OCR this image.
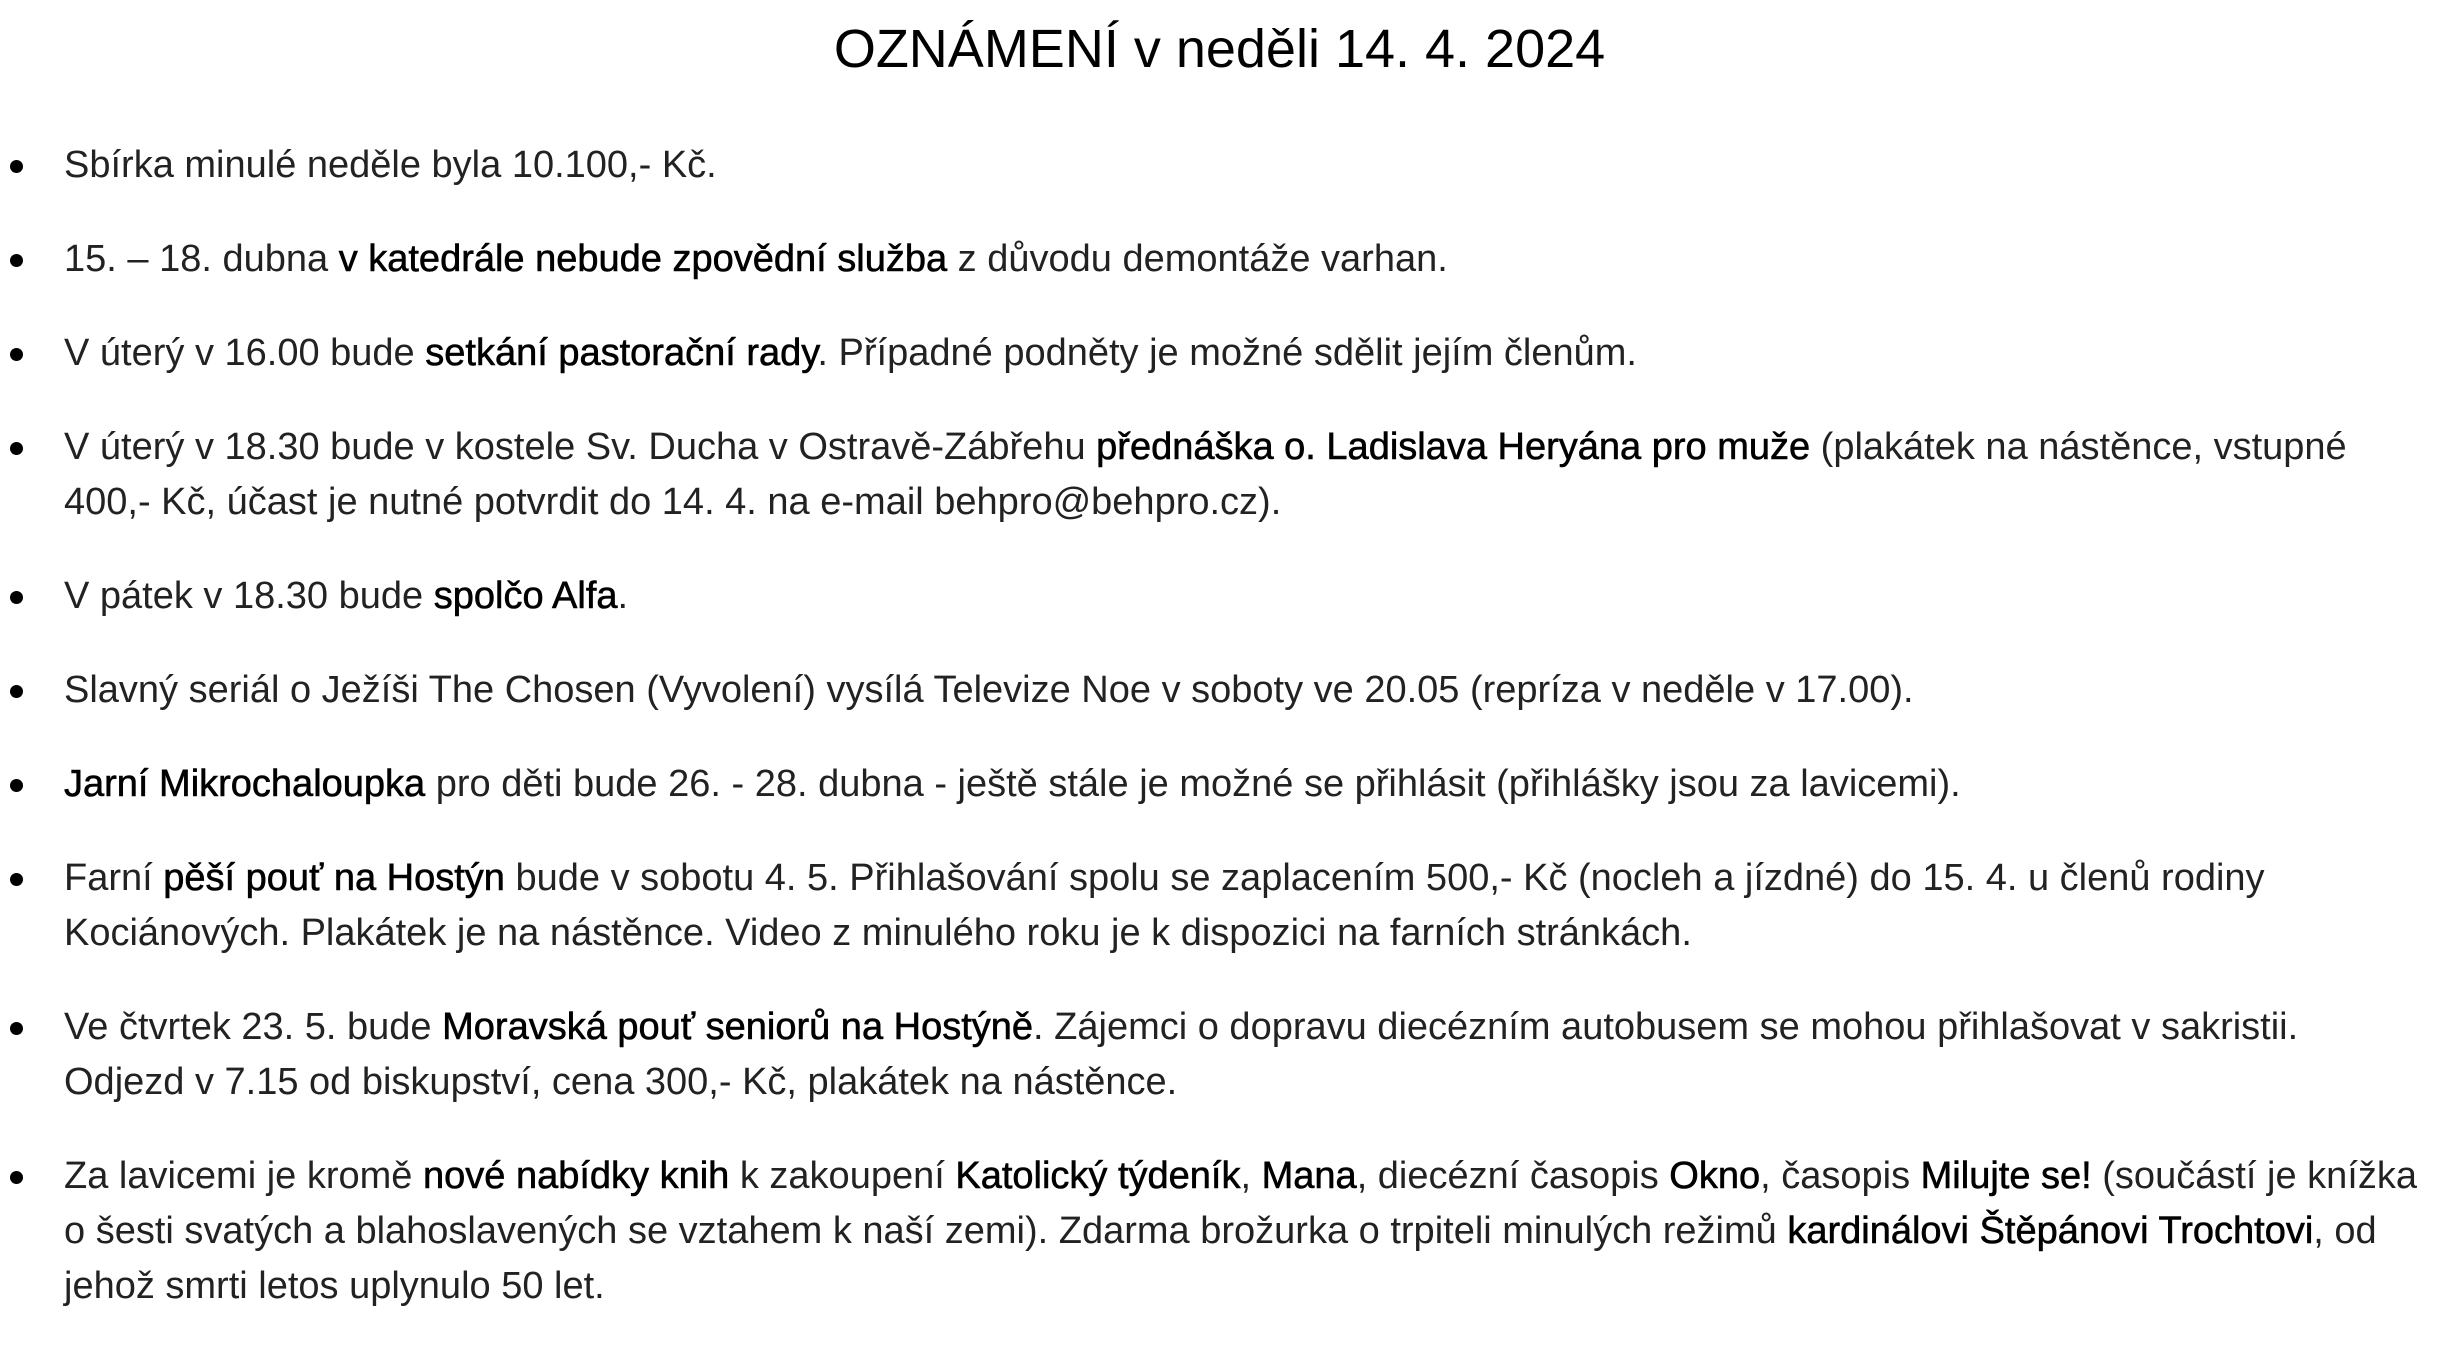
OZNÁMENÍ v neděli 14. 4. 2024
Sbírka minulé neděle byla 10.100,- Kč.
15. – 18. dubna v katedrále nebude zpovědní služba z důvodu demontáže varhan.
V úterý v 16.00 bude setkání pastorační rady. Případné podněty je možné sdělit jejím členům.
V úterý v 18.30 bude v kostele Sv. Ducha v Ostravě-Zábřehu přednáška o. Ladislava Heryána pro muže (plakátek na nástěnce, vstupné 400,- Kč, účast je nutné potvrdit do 14. 4. na e-mail behpro@behpro.cz).
V pátek v 18.30 bude spolčo Alfa.
Slavný seriál o Ježíši The Chosen (Vyvolení) vysílá Televize Noe v soboty ve 20.05 (repríza v neděle v 17.00).
Jarní Mikrochaloupka pro děti bude 26. - 28. dubna - ještě stále je možné se přihlásit (přihlášky jsou za lavicemi).
Farní pěší pouť na Hostýn bude v sobotu 4. 5. Přihlašování spolu se zaplacením 500,- Kč (nocleh a jízdné) do 15. 4. u členů rodiny Kociánových. Plakátek je na nástěnce. Video z minulého roku je k dispozici na farních stránkách.
Ve čtvrtek 23. 5. bude Moravská pouť seniorů na Hostýně. Zájemci o dopravu diecézním autobusem se mohou přihlašovat v sakristii. Odjezd v 7.15 od biskupství, cena 300,- Kč, plakátek na nástěnce.
Za lavicemi je kromě nové nabídky knih k zakoupení Katolický týdeník, Mana, diecézní časopis Okno, časopis Milujte se! (součástí je knížka o šesti svatých a blahoslavených se vztahem k naší zemi). Zdarma brožurka o trpiteli minulých režimů kardinálovi Štěpánovi Trochtovi, od jehož smrti letos uplynulo 50 let.
